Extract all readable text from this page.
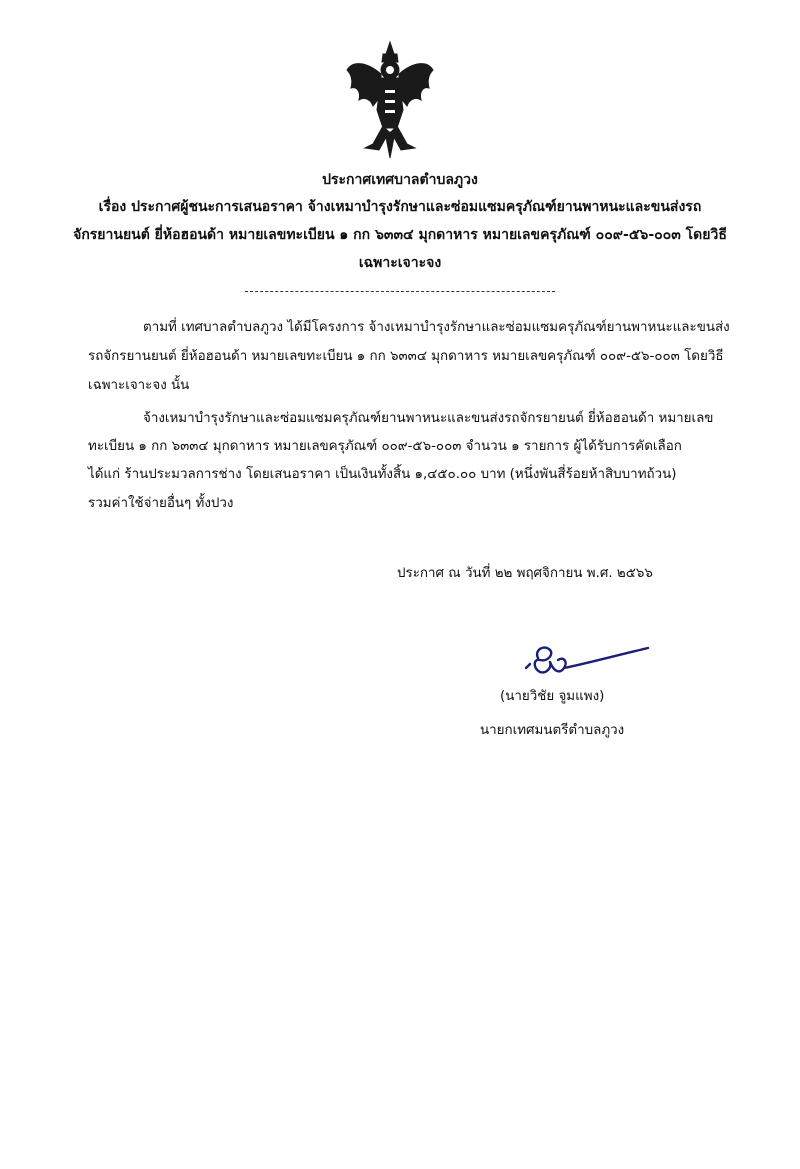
ประกาศเทศบาลตำบลภูวง
เรื่อง ประกาศผู้ชนะการเสนอราคา จ้างเหมาบำรุงรักษาและซ่อมแซมครุภัณฑ์ยานพาหนะและขนส่งรถ
จักรยานยนต์ ยี่ห้อฮอนด้า หมายเลขทะเบียน ๑ กก ๖๓๓๔ มุกดาหาร หมายเลขครุภัณฑ์ ๐๐๙-๕๖-๐๐๓ โดยวิธี
เฉพาะเจาะจง
ตามที่ เทศบาลตำบลภูวง ได้มีโครงการ จ้างเหมาบำรุงรักษาและซ่อมแซมครุภัณฑ์ยานพาหนะและขนส่ง
รถจักรยานยนต์ ยี่ห้อฮอนด้า หมายเลขทะเบียน ๑ กก ๖๓๓๔ มุกดาหาร หมายเลขครุภัณฑ์ ๐๐๙-๕๖-๐๐๓ โดยวิธี
เฉพาะเจาะจง นั้น
จ้างเหมาบำรุงรักษาและซ่อมแซมครุภัณฑ์ยานพาหนะและขนส่งรถจักรยายนต์ ยี่ห้อฮอนด้า หมายเลข
ทะเบียน ๑ กก ๖๓๓๔ มุกดาหาร หมายเลขครุภัณฑ์ ๐๐๙-๕๖-๐๐๓ จำนวน ๑ รายการ ผู้ได้รับการคัดเลือก
ได้แก่ ร้านประมวลการช่าง โดยเสนอราคา เป็นเงินทั้งสิ้น ๑,๔๕๐.๐๐ บาท (หนึ่งพันสี่ร้อยห้าสิบบาทถ้วน)
รวมค่าใช้จ่ายอื่นๆ ทั้งปวง
ประกาศ ณ วันที่ ๒๒ พฤศจิกายน พ.ศ. ๒๕๖๖
(นายวิชัย จูมแพง)
นายกเทศมนตรีตำบลภูวง
